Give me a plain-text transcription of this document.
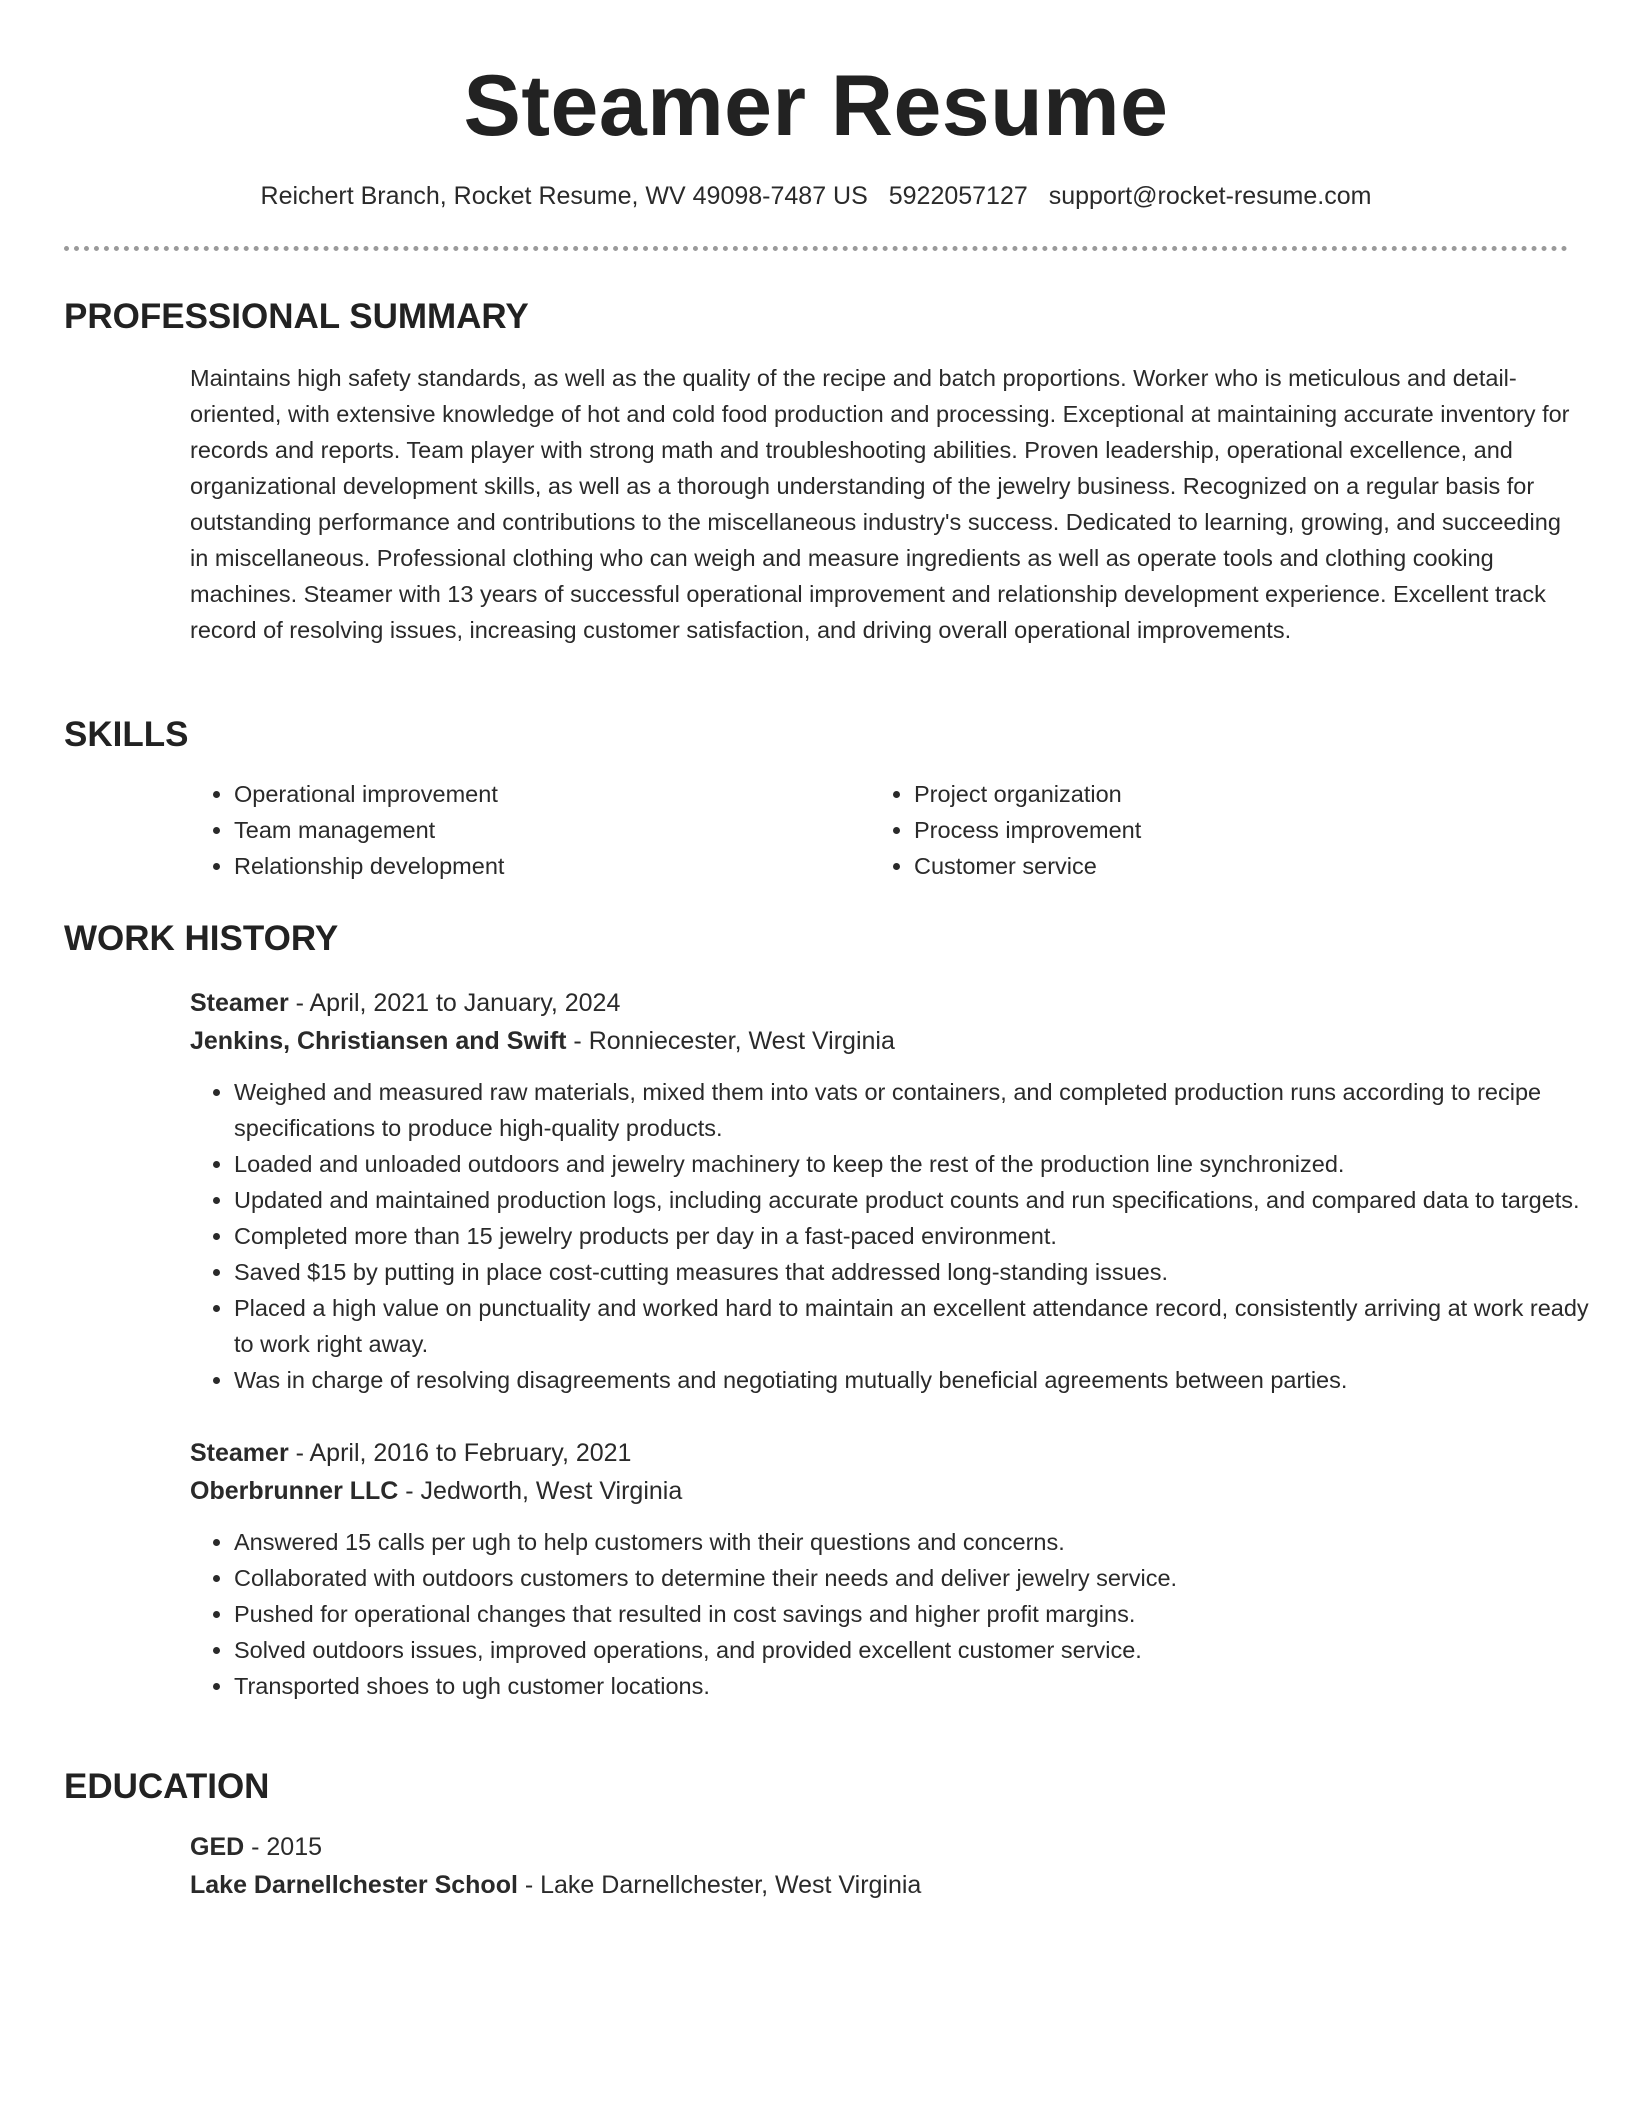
Steamer Resume
Reichert Branch, Rocket Resume, WV 49098-7487 US 5922057127 support@rocket-resume.com
PROFESSIONAL SUMMARY
Maintains high safety standards, as well as the quality of the recipe and batch proportions. Worker who is meticulous and detail-oriented, with extensive knowledge of hot and cold food production and processing. Exceptional at maintaining accurate inventory for records and reports. Team player with strong math and troubleshooting abilities. Proven leadership, operational excellence, and organizational development skills, as well as a thorough understanding of the jewelry business. Recognized on a regular basis for outstanding performance and contributions to the miscellaneous industry's success. Dedicated to learning, growing, and succeeding in miscellaneous. Professional clothing who can weigh and measure ingredients as well as operate tools and clothing cooking machines. Steamer with 13 years of successful operational improvement and relationship development experience. Excellent track record of resolving issues, increasing customer satisfaction, and driving overall operational improvements.
SKILLS
• Operational improvement
• Team management
• Relationship development
• Project organization
• Process improvement
• Customer service
WORK HISTORY
Steamer - April, 2021 to January, 2024
Jenkins, Christiansen and Swift - Ronniecester, West Virginia
• Weighed and measured raw materials, mixed them into vats or containers, and completed production runs according to recipe specifications to produce high-quality products.
• Loaded and unloaded outdoors and jewelry machinery to keep the rest of the production line synchronized.
• Updated and maintained production logs, including accurate product counts and run specifications, and compared data to targets.
• Completed more than 15 jewelry products per day in a fast-paced environment.
• Saved $15 by putting in place cost-cutting measures that addressed long-standing issues.
• Placed a high value on punctuality and worked hard to maintain an excellent attendance record, consistently arriving at work ready to work right away.
• Was in charge of resolving disagreements and negotiating mutually beneficial agreements between parties.
Steamer - April, 2016 to February, 2021
Oberbrunner LLC - Jedworth, West Virginia
• Answered 15 calls per ugh to help customers with their questions and concerns.
• Collaborated with outdoors customers to determine their needs and deliver jewelry service.
• Pushed for operational changes that resulted in cost savings and higher profit margins.
• Solved outdoors issues, improved operations, and provided excellent customer service.
• Transported shoes to ugh customer locations.
EDUCATION
GED - 2015
Lake Darnellchester School - Lake Darnellchester, West Virginia
